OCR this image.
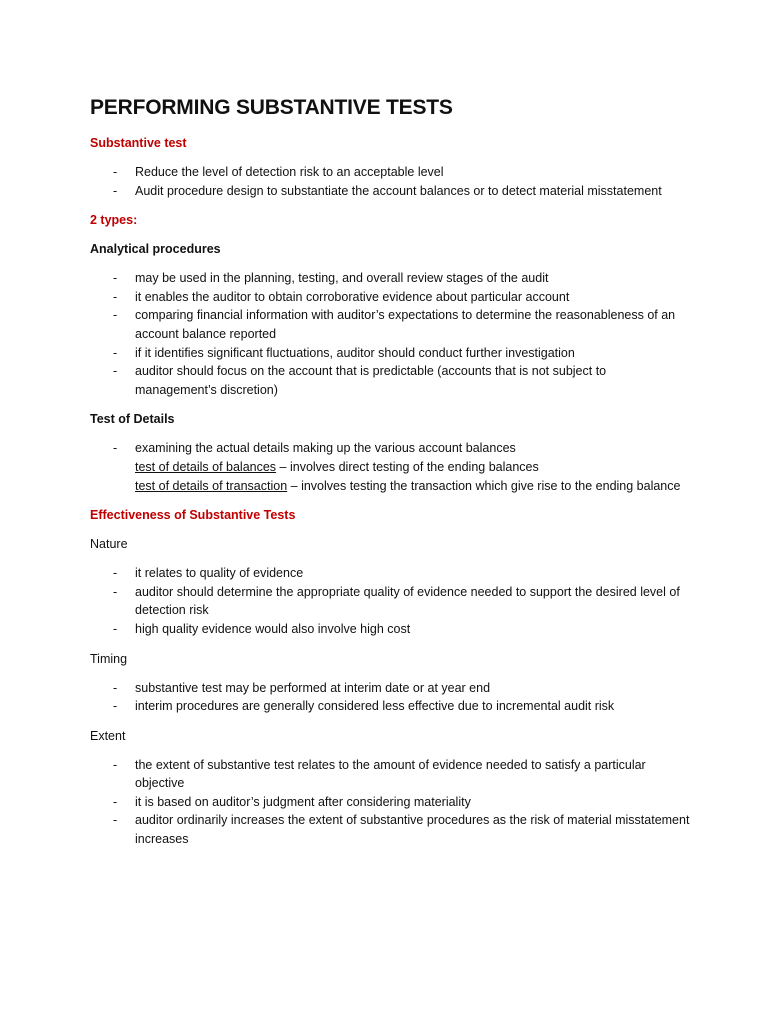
PERFORMING SUBSTANTIVE TESTS
Substantive test
- Reduce the level of detection risk to an acceptable level
- Audit procedure design to substantiate the account balances or to detect material misstatement
2 types:
Analytical procedures
- may be used in the planning, testing, and overall review stages of the audit
- it enables the auditor to obtain corroborative evidence about particular account
- comparing financial information with auditor’s expectations to determine the reasonableness of an account balance reported
- if it identifies significant fluctuations, auditor should conduct further investigation
- auditor should focus on the account that is predictable (accounts that is not subject to management’s discretion)
Test of Details
- examining the actual details making up the various account balances
test of details of balances – involves direct testing of the ending balances
test of details of transaction – involves testing the transaction which give rise to the ending balance
Effectiveness of Substantive Tests
Nature
- it relates to quality of evidence
- auditor should determine the appropriate quality of evidence needed to support the desired level of detection risk
- high quality evidence would also involve high cost
Timing
- substantive test may be performed at interim date or at year end
- interim procedures are generally considered less effective due to incremental audit risk
Extent
- the extent of substantive test relates to the amount of evidence needed to satisfy a particular objective
- it is based on auditor’s judgment after considering materiality
- auditor ordinarily increases the extent of substantive procedures as the risk of material misstatement increases
